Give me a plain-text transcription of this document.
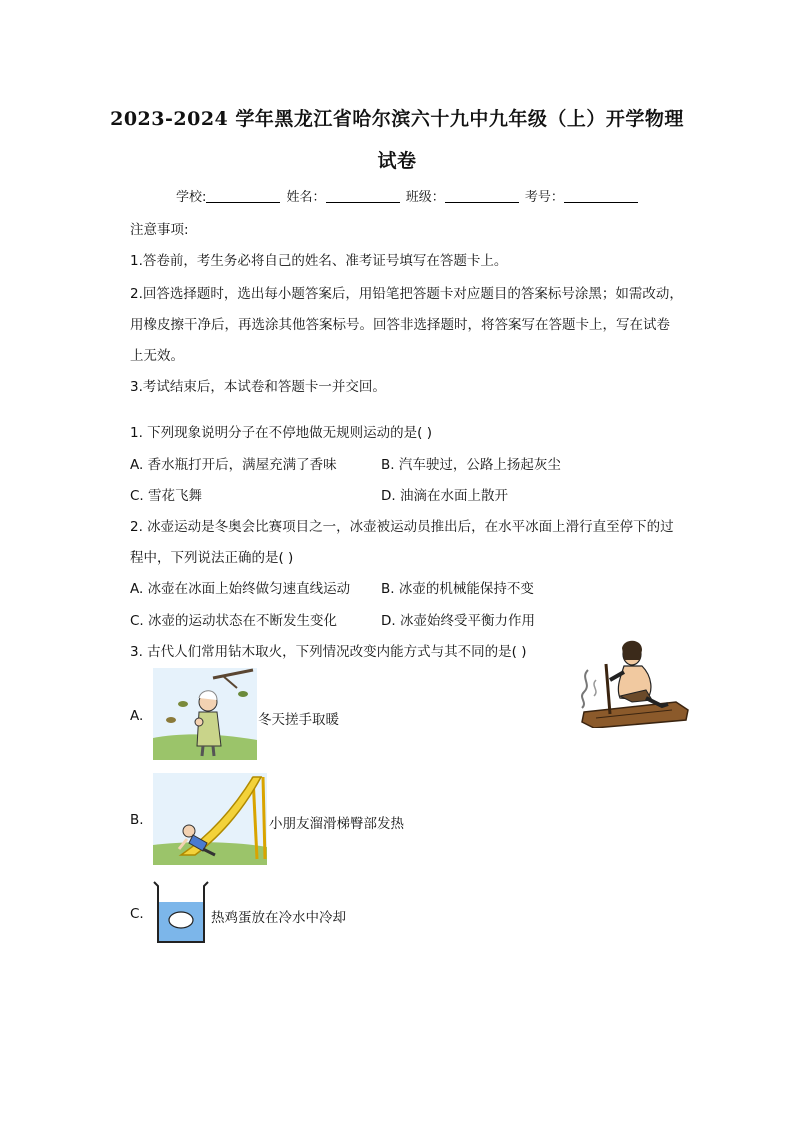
2023-2024 学年黑龙江省哈尔滨六十九中九年级（上）开学物理
试卷
学校:	姓名：	班级：	考号：
注意事项:
1.答卷前，考生务必将自己的姓名、准考证号填写在答题卡上。
2.回答选择题时，选出每小题答案后，用铅笔把答题卡对应题目的答案标号涂黑；如需改动，
用橡皮擦干净后，再选涂其他答案标号。回答非选择题时，将答案写在答题卡上，写在试卷
上无效。
3.考试结束后，本试卷和答题卡一并交回。
1. 下列现象说明分子在不停地做无规则运动的是( )
A. 香水瓶打开后，满屋充满了香味	B. 汽车驶过，公路上扬起灰尘
C. 雪花飞舞	D. 油滴在水面上散开
2. 冰壶运动是冬奥会比赛项目之一，冰壶被运动员推出后，在水平冰面上滑行直至停下的过
程中，下列说法正确的是( )
A. 冰壶在冰面上始终做匀速直线运动 B. 冰壶的机械能保持不变
C. 冰壶的运动状态在不断发生变化	D. 冰壶始终受平衡力作用
3. 古代人们常用钻木取火，下列情况改变内能方式与其不同的是( )
A.	冬天搓手取暖
B.	小朋友溜滑梯臀部发热
C.	热鸡蛋放在冷水中冷却
